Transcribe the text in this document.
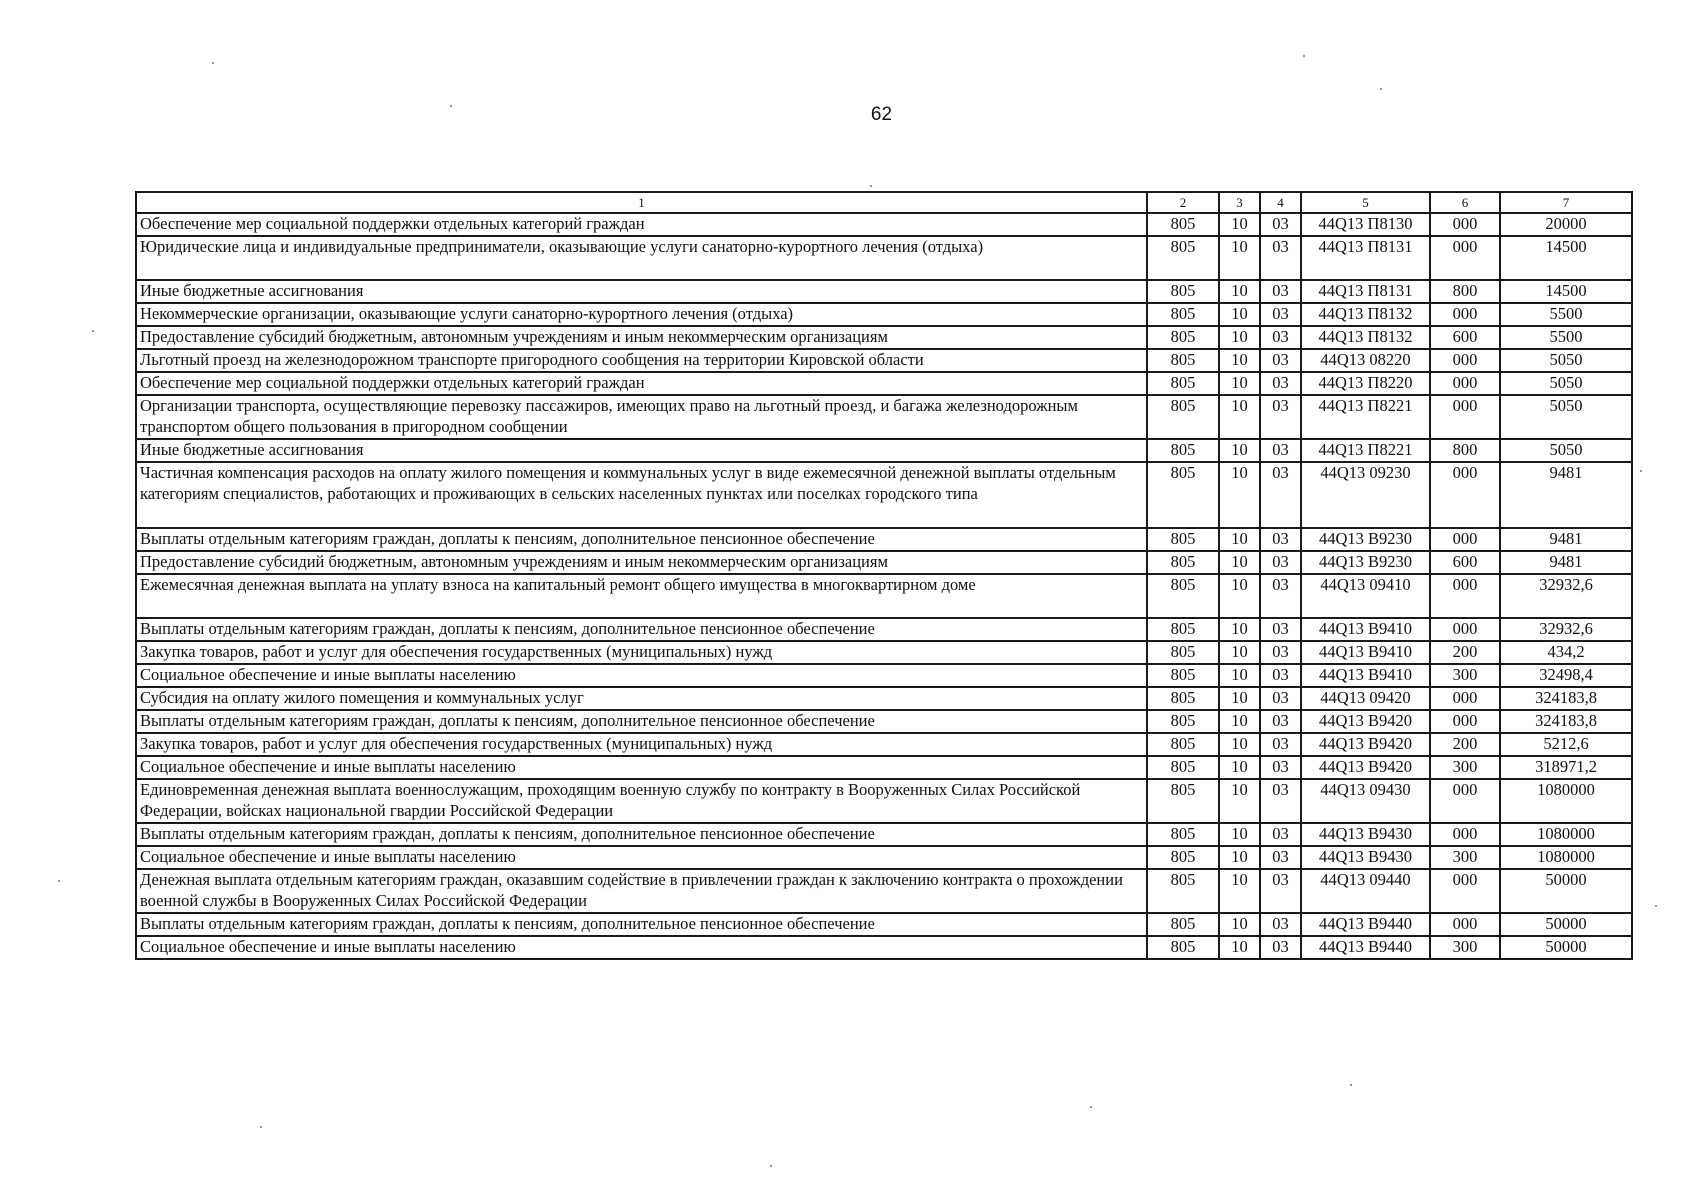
62
1	2	3	4	5	6	7
Обеспечение мер социальной поддержки отдельных категорий граждан	805	10	03	44Q13 П8130	000	20000
Юридические лица и индивидуальные предприниматели, оказывающие услуги санаторно-курортного лечения (отдыха)	805	10	03	44Q13 П8131	000	14500
Иные бюджетные ассигнования	805	10	03	44Q13 П8131	800	14500
Некоммерческие организации, оказывающие услуги санаторно-курортного лечения (отдыха)	805	10	03	44Q13 П8132	000	5500
Предоставление субсидий бюджетным, автономным учреждениям и иным некоммерческим организациям	805	10	03	44Q13 П8132	600	5500
Льготный проезд на железнодорожном транспорте пригородного сообщения на территории Кировской области	805	10	03	44Q13 08220	000	5050
Обеспечение мер социальной поддержки отдельных категорий граждан	805	10	03	44Q13 П8220	000	5050
Организации транспорта, осуществляющие перевозку пассажиров, имеющих право на льготный проезд, и багажа железнодорожным транспортом общего пользования в пригородном сообщении	805	10	03	44Q13 П8221	000	5050
Иные бюджетные ассигнования	805	10	03	44Q13 П8221	800	5050
Частичная компенсация расходов на оплату жилого помещения и коммунальных услуг в виде ежемесячной денежной выплаты отдельным категориям специалистов, работающих и проживающих в сельских населенных пунктах или поселках городского типа	805	10	03	44Q13 09230	000	9481
Выплаты отдельным категориям граждан, доплаты к пенсиям, дополнительное пенсионное обеспечение	805	10	03	44Q13 В9230	000	9481
Предоставление субсидий бюджетным, автономным учреждениям и иным некоммерческим организациям	805	10	03	44Q13 В9230	600	9481
Ежемесячная денежная выплата на уплату взноса на капитальный ремонт общего имущества в многоквартирном доме	805	10	03	44Q13 09410	000	32932,6
Выплаты отдельным категориям граждан, доплаты к пенсиям, дополнительное пенсионное обеспечение	805	10	03	44Q13 В9410	000	32932,6
Закупка товаров, работ и услуг для обеспечения государственных (муниципальных) нужд	805	10	03	44Q13 В9410	200	434,2
Социальное обеспечение и иные выплаты населению	805	10	03	44Q13 В9410	300	32498,4
Субсидия на оплату жилого помещения и коммунальных услуг	805	10	03	44Q13 09420	000	324183,8
Выплаты отдельным категориям граждан, доплаты к пенсиям, дополнительное пенсионное обеспечение	805	10	03	44Q13 В9420	000	324183,8
Закупка товаров, работ и услуг для обеспечения государственных (муниципальных) нужд	805	10	03	44Q13 В9420	200	5212,6
Социальное обеспечение и иные выплаты населению	805	10	03	44Q13 В9420	300	318971,2
Единовременная денежная выплата военнослужащим, проходящим военную службу по контракту в Вооруженных Силах Российской Федерации, войсках национальной гвардии Российской Федерации	805	10	03	44Q13 09430	000	1080000
Выплаты отдельным категориям граждан, доплаты к пенсиям, дополнительное пенсионное обеспечение	805	10	03	44Q13 В9430	000	1080000
Социальное обеспечение и иные выплаты населению	805	10	03	44Q13 В9430	300	1080000
Денежная выплата отдельным категориям граждан, оказавшим содействие в привлечении граждан к заключению контракта о прохождении военной службы в Вооруженных Силах Российской Федерации	805	10	03	44Q13 09440	000	50000
Выплаты отдельным категориям граждан, доплаты к пенсиям, дополнительное пенсионное обеспечение	805	10	03	44Q13 В9440	000	50000
Социальное обеспечение и иные выплаты населению	805	10	03	44Q13 В9440	300	50000
